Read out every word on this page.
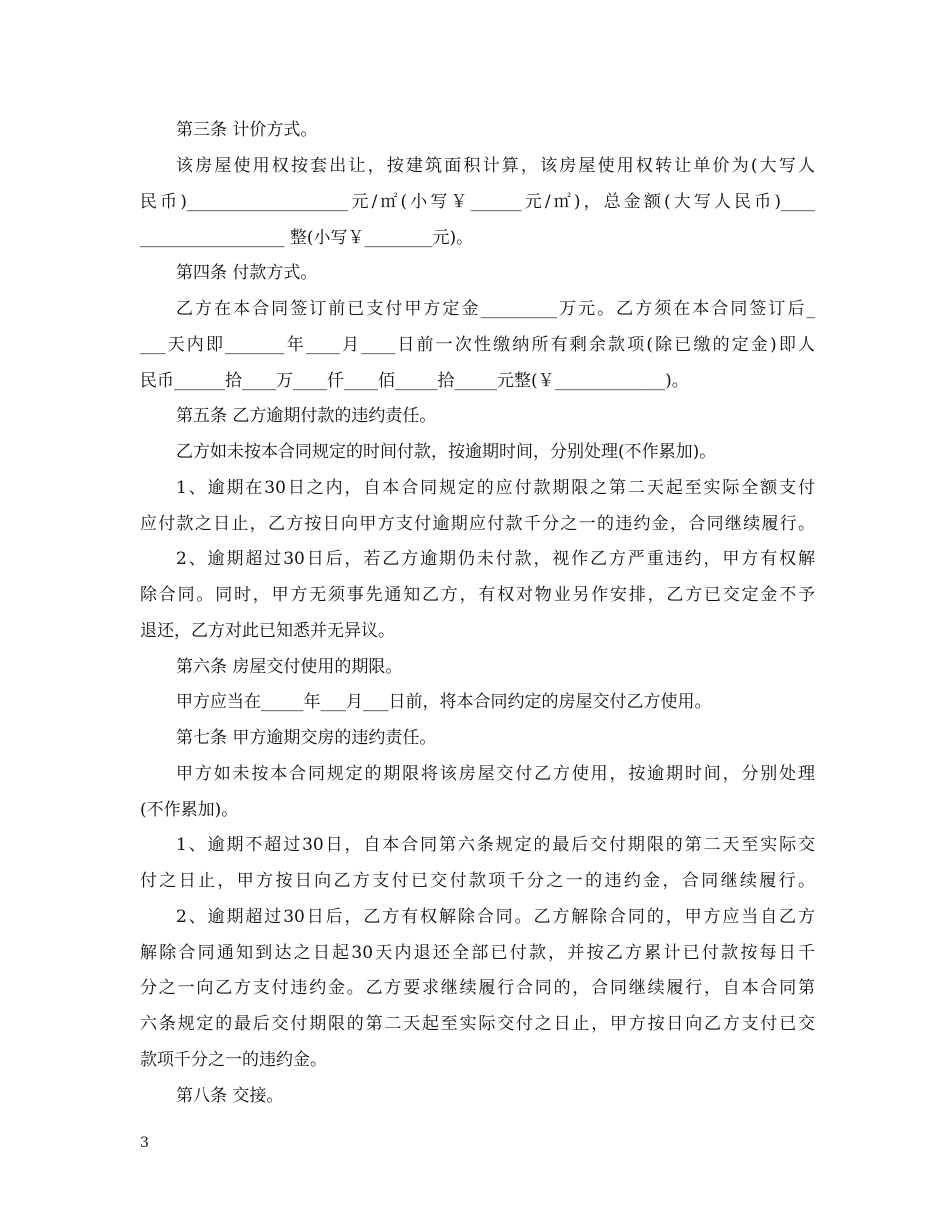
第三条 计价方式。
该房屋使用权按套出让，按建筑面积计算，该房屋使用权转让单价为(大写人
民币)___________________元/㎡(小写￥______元/㎡)，总金额(大写人民币)____
_________________ 整(小写￥________元)。
第四条 付款方式。
乙方在本合同签订前已支付甲方定金_________万元。乙方须在本合同签订后_
___天内即_______年____月____日前一次性缴纳所有剩余款项(除已缴的定金)即人
民币______拾____万____仟____佰_____拾_____元整(￥_____________)。
第五条 乙方逾期付款的违约责任。
乙方如未按本合同规定的时间付款，按逾期时间，分别处理(不作累加)。
1、逾期在30日之内，自本合同规定的应付款期限之第二天起至实际全额支付
应付款之日止，乙方按日向甲方支付逾期应付款千分之一的违约金，合同继续履行。
2、逾期超过30日后，若乙方逾期仍未付款，视作乙方严重违约，甲方有权解
除合同。同时，甲方无须事先通知乙方，有权对物业另作安排，乙方已交定金不予
退还，乙方对此已知悉并无异议。
第六条 房屋交付使用的期限。
甲方应当在_____年___月___日前，将本合同约定的房屋交付乙方使用。
第七条 甲方逾期交房的违约责任。
甲方如未按本合同规定的期限将该房屋交付乙方使用，按逾期时间，分别处理
(不作累加)。
1、逾期不超过30日，自本合同第六条规定的最后交付期限的第二天至实际交
付之日止，甲方按日向乙方支付已交付款项千分之一的违约金，合同继续履行。
2、逾期超过30日后，乙方有权解除合同。乙方解除合同的，甲方应当自乙方
解除合同通知到达之日起30天内退还全部已付款，并按乙方累计已付款按每日千
分之一向乙方支付违约金。乙方要求继续履行合同的，合同继续履行，自本合同第
六条规定的最后交付期限的第二天起至实际交付之日止，甲方按日向乙方支付已交
款项千分之一的违约金。
第八条 交接。
3
